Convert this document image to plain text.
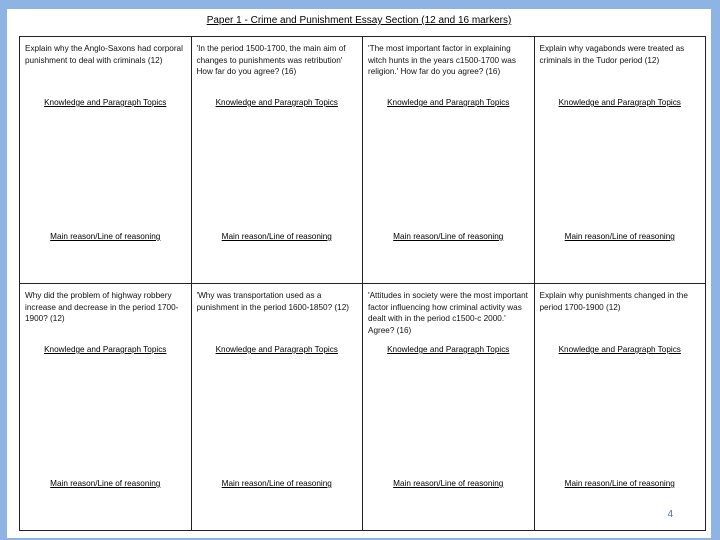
Paper 1 - Crime and Punishment Essay Section (12 and 16 markers)
Explain why the Anglo-Saxons had corporal punishment to deal with criminals (12)
Knowledge and Paragraph Topics
Main reason/Line of reasoning
'In the period 1500-1700, the main aim of changes to punishments was retribution' How far do you agree? (16)
Knowledge and Paragraph Topics
Main reason/Line of reasoning
'The most important factor in explaining witch hunts in the years c1500-1700 was religion.' How far do you agree? (16)
Knowledge and Paragraph Topics
Main reason/Line of reasoning
Explain why vagabonds were treated as criminals in the Tudor period (12)
Knowledge and Paragraph Topics
Main reason/Line of reasoning
Why did the problem of highway robbery increase and decrease in the period 1700-1900? (12)
Knowledge and Paragraph Topics
Main reason/Line of reasoning
'Why was transportation used as a punishment in the period 1600-1850? (12)
Knowledge and Paragraph Topics
Main reason/Line of reasoning
'Attitudes in society were the most important factor influencing how criminal activity was dealt with in the period c1500-c 2000.' Agree? (16)
Knowledge and Paragraph Topics
Main reason/Line of reasoning
Explain why punishments changed in the period 1700-1900 (12)
Knowledge and Paragraph Topics
Main reason/Line of reasoning
4
